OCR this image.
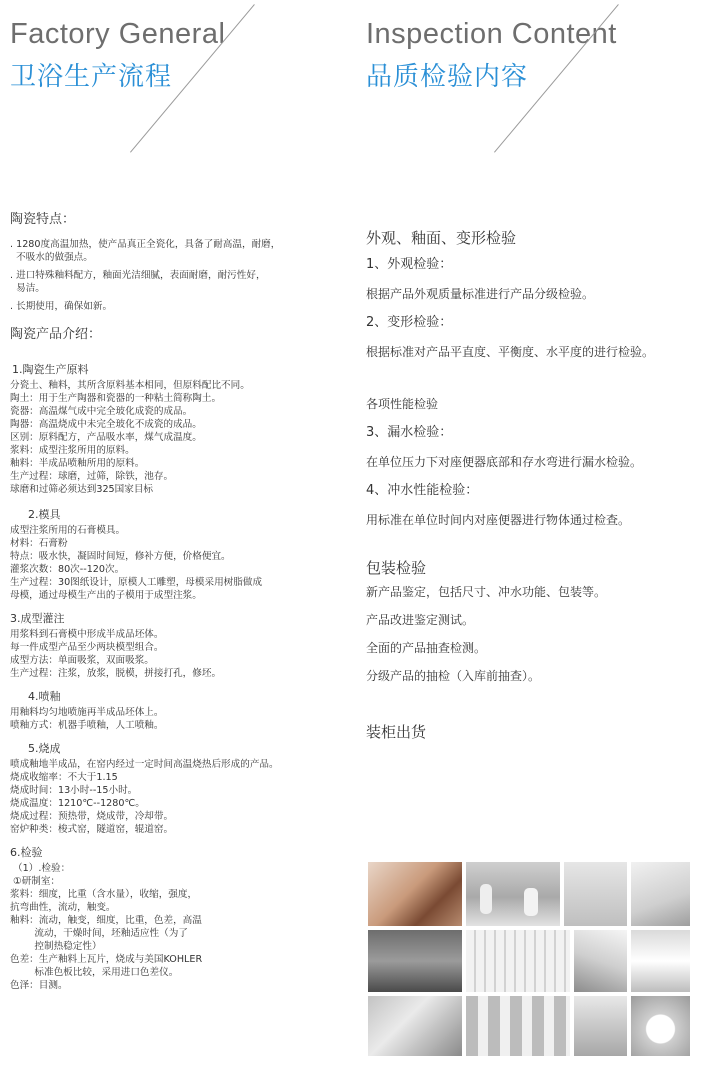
Factory General
卫浴生产流程
Inspection Content
品质检验内容
陶瓷特点：
. 1280度高温加热，使产品真正全瓷化，具备了耐高温，耐磨，
不吸水的做强点。
. 进口特殊釉料配方，釉面光洁细腻，表面耐磨，耐污性好，
易洁。
. 长期使用，确保如新。
陶瓷产品介绍：
1.陶瓷生产原料
分瓷土、釉料，其所含原料基本相同，但原料配比不同。
陶土：用于生产陶器和瓷器的一种粘土简称陶土。
瓷器：高温煤气成中完全玻化成瓷的成品。
陶器：高温烧成中未完全玻化不成瓷的成品。
区别：原料配方，产品吸水率，煤气成温度。
浆料：成型注浆所用的原料。
釉料：半成品喷釉所用的原料。
生产过程：球磨，过筛，除铁，池存。
球磨和过筛必须达到325国家目标
2.模具
成型注浆所用的石膏模具。
材料：石膏粉
特点：吸水快，凝固时间短，修补方便，价格便宜。
灌浆次数：80次--120次。
生产过程：30图纸设计，原模人工雕塑，母模采用树脂做成
母模，通过母模生产出的子模用于成型注浆。
3.成型灌注
用浆料到石膏模中形成半成品坯体。
每一件成型产品至少两块模型组合。
成型方法：单面吸浆，双面吸浆。
生产过程：注浆，放浆，脱模，拼接打孔，修坯。
4.喷釉
用釉料均匀地喷施再半成品坯体上。
喷釉方式：机器手喷釉，人工喷釉。
5.烧成
喷成釉地半成品，在窑内经过一定时间高温烧热后形成的产品。
烧成收缩率：不大于1.15
烧成时间：13小时--15小时。
烧成温度：1210℃--1280℃。
烧成过程：预热带，烧成带，冷却带。
窑炉种类：梭式窑，隧道窑，辊道窑。
6.检验
（1）.检验：
①研制室：
浆料：细度，比重（含水量），收缩，强度，
抗弯曲性，流动，触变。
釉料：流动，触变，细度，比重，色差，高温
流动，干燥时间，坯釉适应性（为了
控制热稳定性）
色差：生产釉料上瓦片，烧成与美国KOHLER
标准色板比较，采用进口色差仪。
色泽：目测。

外观、釉面、变形检验

1、外观检验：

根据产品外观质量标准进行产品分级检验。

2、变形检验：

根据标准对产品平直度、平衡度、水平度的进行检验。

各项性能检验

3、漏水检验：

在单位压力下对座便器底部和存水弯进行漏水检验。

4、冲水性能检验：

用标准在单位时间内对座便器进行物体通过检查。

包装检验

新产品鉴定，包括尺寸、冲水功能、包装等。

产品改进鉴定测试。

全面的产品抽查检测。

分级产品的抽检（入库前抽查）。

装柜出货
